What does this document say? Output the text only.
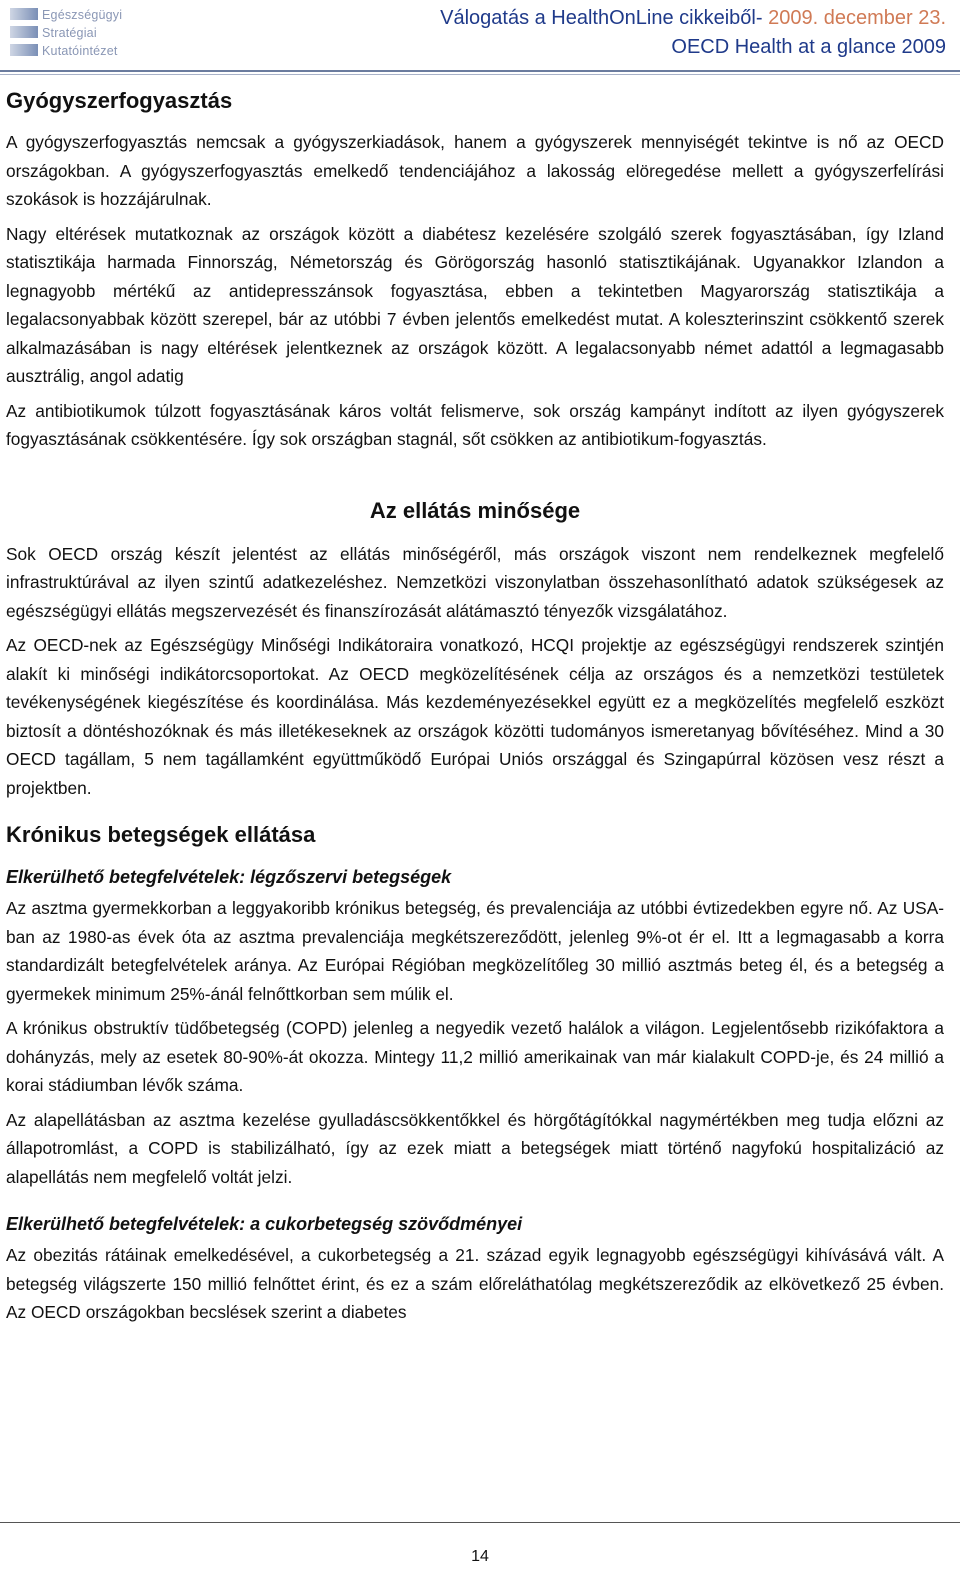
Egészségügyi
Stratégiai
Kutatóintézet
Válogatás a HealthOnLine cikkeiből- 2009. december 23.
OECD Health at a glance 2009
Gyógyszerfogyasztás

A gyógyszerfogyasztás nemcsak a gyógyszerkiadások, hanem a gyógyszerek mennyiségét tekintve is nő az OECD országokban. A gyógyszerfogyasztás emelkedő tendenciájához a lakosság elöregedése mellett a gyógyszerfelírási szokások is hozzájárulnak.

Nagy eltérések mutatkoznak az országok között a diabétesz kezelésére szolgáló szerek fogyasztásában, így Izland statisztikája harmada Finnország, Németország és Görögország hasonló statisztikájának. Ugyanakkor Izlandon a legnagyobb mértékű az antidepresszánsok fogyasztása, ebben a tekintetben Magyarország statisztikája a legalacsonyabbak között szerepel, bár az utóbbi 7 évben jelentős emelkedést mutat. A koleszterinszint csökkentő szerek alkalmazásában is nagy eltérések jelentkeznek az országok között. A legalacsonyabb német adattól a legmagasabb ausztrálig, angol adatig

Az antibiotikumok túlzott fogyasztásának káros voltát felismerve, sok ország kampányt indított az ilyen gyógyszerek fogyasztásának csökkentésére. Így sok országban stagnál, sőt csökken az antibiotikum-fogyasztás.

Az ellátás minősége

Sok OECD ország készít jelentést az ellátás minőségéről, más országok viszont nem rendelkeznek megfelelő infrastruktúrával az ilyen szintű adatkezeléshez. Nemzetközi viszonylatban összehasonlítható adatok szükségesek az egészségügyi ellátás megszervezését és finanszírozását alátámasztó tényezők vizsgálatához.

Az OECD-nek az Egészségügy Minőségi Indikátoraira vonatkozó, HCQI projektje az egészségügyi rendszerek szintjén alakít ki minőségi indikátorcsoportokat. Az OECD megközelítésének célja az országos és a nemzetközi testületek tevékenységének kiegészítése és koordinálása. Más kezdeményezésekkel együtt ez a megközelítés megfelelő eszközt biztosít a döntéshozóknak és más illetékeseknek az országok közötti tudományos ismeretanyag bővítéséhez. Mind a 30 OECD tagállam, 5 nem tagállamként együttműködő Európai Uniós országgal és Szingapúrral közösen vesz részt a projektben.

Krónikus betegségek ellátása
Elkerülhető betegfelvételek: légzőszervi betegségek

Az asztma gyermekkorban a leggyakoribb krónikus betegség, és prevalenciája az utóbbi évtizedekben egyre nő. Az USA-ban az 1980-as évek óta az asztma prevalenciája megkétszereződött, jelenleg 9%-ot ér el. Itt a legmagasabb a korra standardizált betegfelvételek aránya. Az Európai Régióban megközelítőleg 30 millió asztmás beteg él, és a betegség a gyermekek minimum 25%-ánál felnőttkorban sem múlik el.

A krónikus obstruktív tüdőbetegség (COPD) jelenleg a negyedik vezető halálok a világon. Legjelentősebb rizikófaktora a dohányzás, mely az esetek 80-90%-át okozza. Mintegy 11,2 millió amerikainak van már kialakult COPD-je, és 24 millió a korai stádiumban lévők száma.

Az alapellátásban az asztma kezelése gyulladáscsökkentőkkel és hörgőtágítókkal nagymértékben meg tudja előzni az állapotromlást, a COPD is stabilizálható, így az ezek miatt a betegségek miatt történő nagyfokú hospitalizáció az alapellátás nem megfelelő voltát jelzi.

Elkerülhető betegfelvételek: a cukorbetegség szövődményei

Az obezitás rátáinak emelkedésével, a cukorbetegség a 21. század egyik legnagyobb egészségügyi kihívásává vált. A betegség világszerte 150 millió felnőttet érint, és ez a szám előreláthatólag megkétszereződik az elkövetkező 25 évben. Az OECD országokban becslések szerint a diabetes

14
